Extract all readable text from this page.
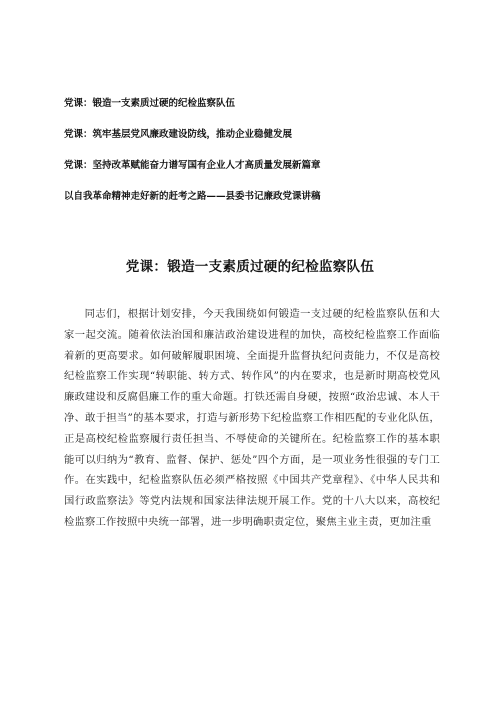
党课：锻造一支素质过硬的纪检监察队伍
党课：筑牢基层党风廉政建设防线，推动企业稳健发展
党课：坚持改革赋能奋力谱写国有企业人才高质量发展新篇章
以自我革命精神走好新的赶考之路——县委书记廉政党课讲稿
党课：锻造一支素质过硬的纪检监察队伍

同志们，根据计划安排，今天我围绕如何锻造一支过硬的纪检监察队伍和大家一起交流。随着依法治国和廉洁政治建设进程的加快，高校纪检监察工作面临着新的更高要求。如何破解履职困境、全面提升监督执纪问责能力，不仅是高校纪检监察工作实现“转职能、转方式、转作风”的内在要求，也是新时期高校党风廉政建设和反腐倡廉工作的重大命题。打铁还需自身硬，按照“政治忠诚、本人干净、敢于担当”的基本要求，打造与新形势下纪检监察工作相匹配的专业化队伍，正是高校纪检监察履行责任担当、不辱使命的关键所在。纪检监察工作的基本职能可以归纳为“教育、监督、保护、惩处”四个方面，是一项业务性很强的专门工作。在实践中，纪检监察队伍必须严格按照《中国共产党章程》、《中华人民共和国行政监察法》等党内法规和国家法律法规开展工作。党的十八大以来，高校纪检监察工作按照中央统一部署，进一步明确职责定位，聚焦主业主责，更加注重
